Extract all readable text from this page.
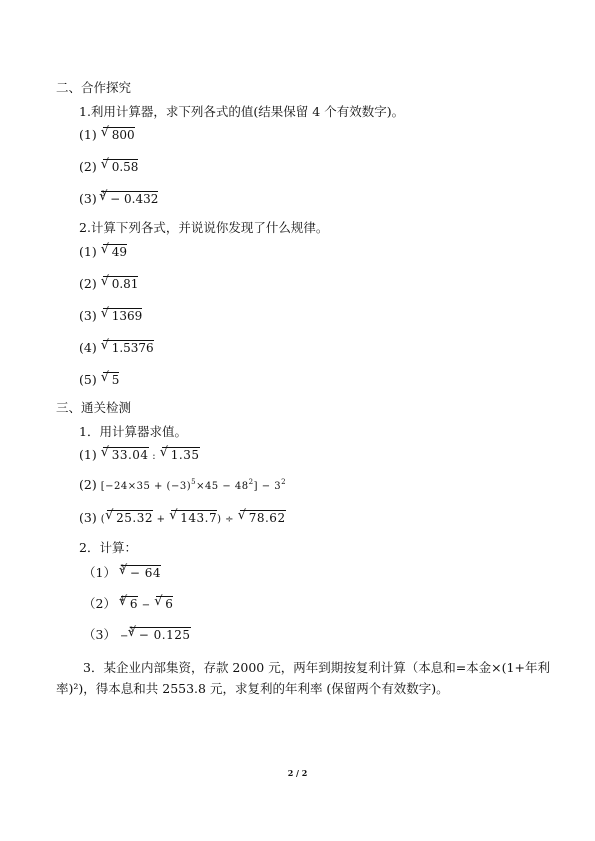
二、合作探究
1.利用计算器，求下列各式的值(结果保留 4 个有效数字)。
(1) √ 800
(2) √ 0.58
(3) $^3$ √ − 0.432
2.计算下列各式，并说说你发现了什么规律。
(1) √ 49
(2) √ 0.81
(3) √ 1369
(4) √ 1.5376
(5) √ 5
三、通关检测
1．用计算器求值。
(1) √ 33.04 : √ 1.35
(2) $[-24\times 35 + (-3)^5\times 45 - 48^2] - 3^2$
(3) ( √ 25.32 + √ 143.7) ÷ √ 78.62
2．计算：
（1） $^3$ √ − 64
（2） $^4$ √ 6 − √ 6
（3） −$^3$ √ − 0.125
3．某企业内部集资，存款 2000 元，两年到期按复利计算（本息和=本金×(1+年利率)²)，得本息和共 2553.8 元，求复利的年利率 (保留两个有效数字)。
2 / 2
